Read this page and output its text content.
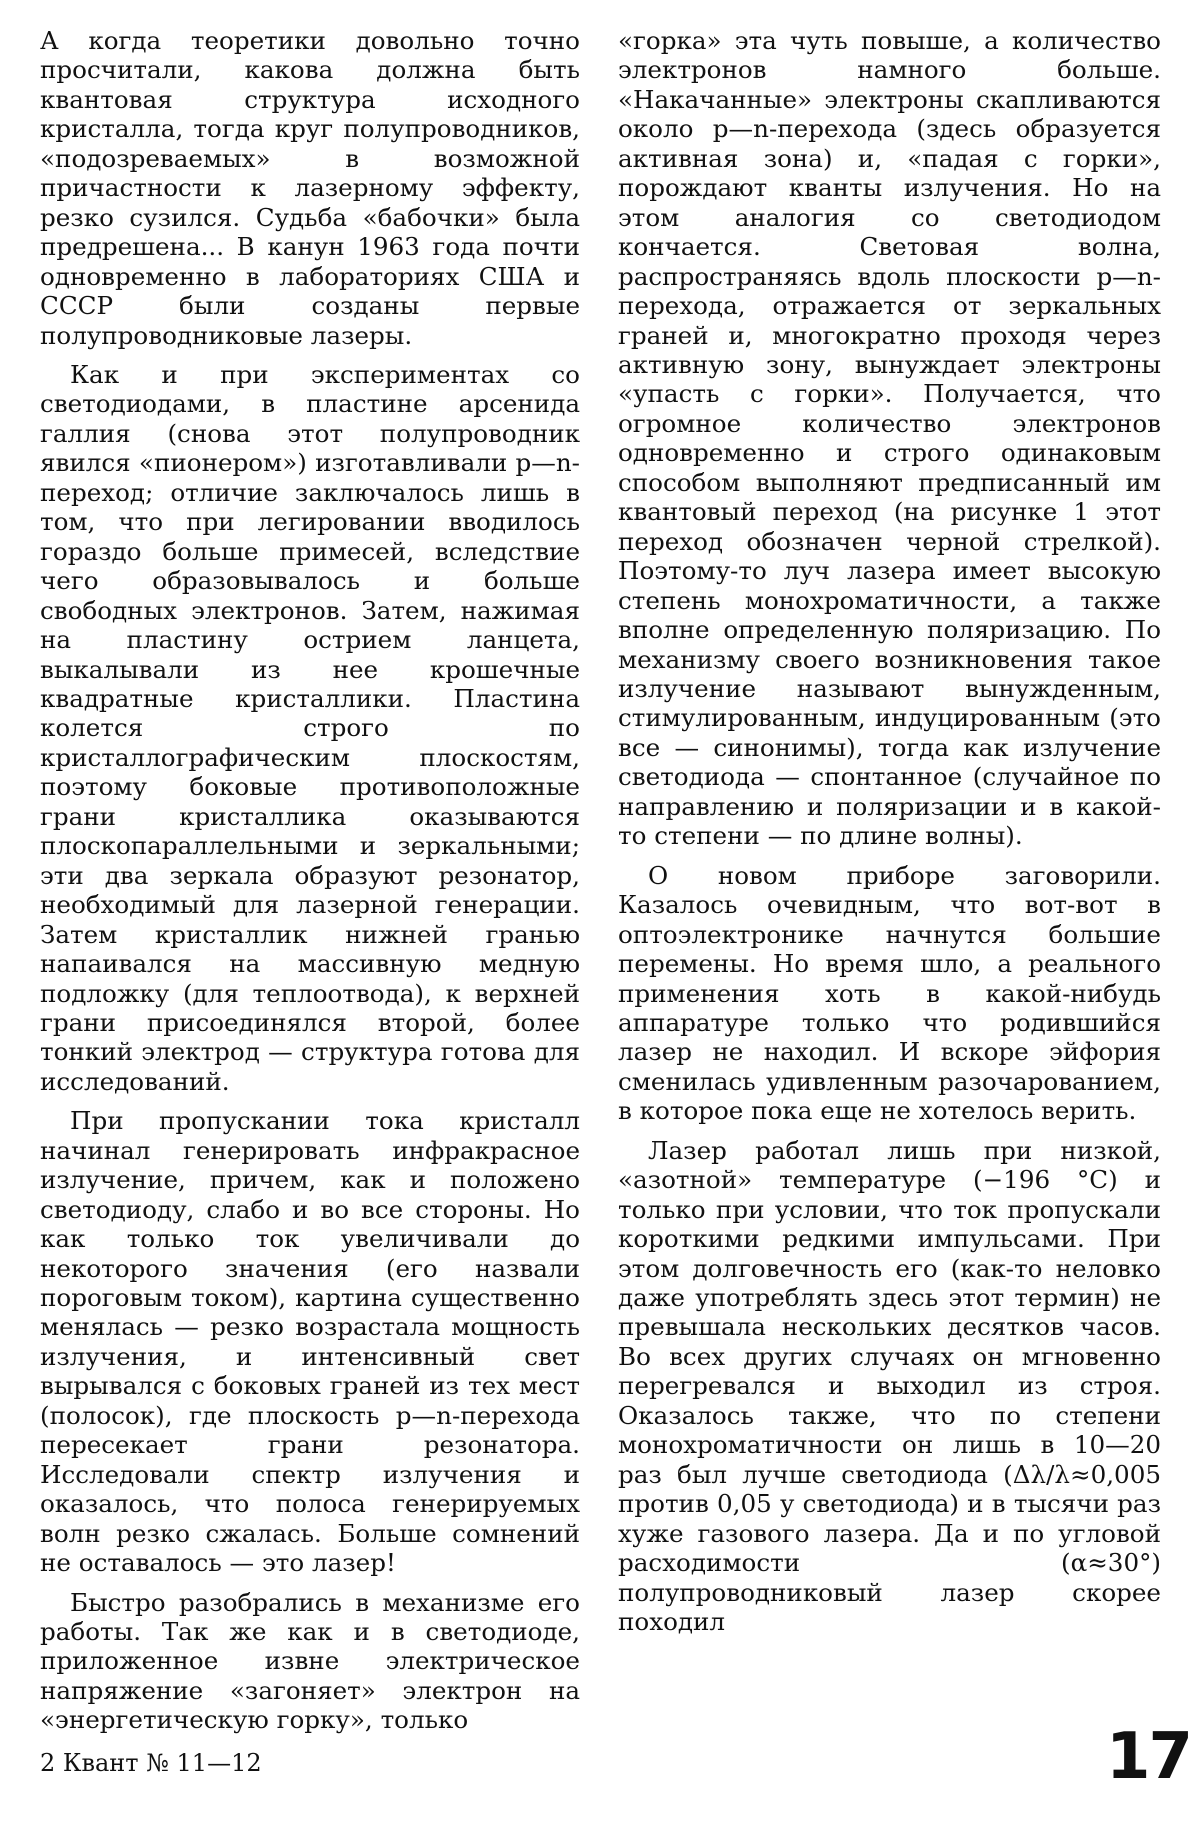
А когда теоретики довольно точно просчитали, какова должна быть квантовая структура исходного кристалла, тогда круг полупроводников, «подозреваемых» в возможной причастности к лазерному эффекту, резко сузился. Судьба «бабочки» была предрешена... В канун 1963 года почти одновременно в лабораториях США и СССР были созданы первые полупроводниковые лазеры.

Как и при экспериментах со светодиодами, в пластине арсенида галлия (снова этот полупроводник явился «пионером») изготавливали p—n-переход; отличие заключалось лишь в том, что при легировании вводилось гораздо больше примесей, вследствие чего образовывалось и больше свободных электронов. Затем, нажимая на пластину острием ланцета, выкалывали из нее крошечные квадратные кристаллики. Пластина колется строго по кристаллографическим плоскостям, поэтому боковые противоположные грани кристаллика оказываются плоскопараллельными и зеркальными; эти два зеркала образуют резонатор, необходимый для лазерной генерации. Затем кристаллик нижней гранью напаивался на массивную медную подложку (для теплоотвода), к верхней грани присоединялся второй, более тонкий электрод — структура готова для исследований.

При пропускании тока кристалл начинал генерировать инфракрасное излучение, причем, как и положено светодиоду, слабо и во все стороны. Но как только ток увеличивали до некоторого значения (его назвали пороговым током), картина существенно менялась — резко возрастала мощность излучения, и интенсивный свет вырывался с боковых граней из тех мест (полосок), где плоскость p—n-перехода пересекает грани резонатора. Исследовали спектр излучения и оказалось, что полоса генерируемых волн резко сжалась. Больше сомнений не оставалось — это лазер!

Быстро разобрались в механизме его работы. Так же как и в светодиоде, приложенное извне электрическое напряжение «загоняет» электрон на «энергетическую горку», только

«горка» эта чуть повыше, а количество электронов намного больше. «Накачанные» электроны скапливаются около p—n-перехода (здесь образуется активная зона) и, «падая с горки», порождают кванты излучения. Но на этом аналогия со светодиодом кончается. Световая волна, распространяясь вдоль плоскости p—n-перехода, отражается от зеркальных граней и, многократно проходя через активную зону, вынуждает электроны «упасть с горки». Получается, что огромное количество электронов одновременно и строго одинаковым способом выполняют предписанный им квантовый переход (на рисунке 1 этот переход обозначен черной стрелкой). Поэтому-то луч лазера имеет высокую степень монохроматичности, а также вполне определенную поляризацию. По механизму своего возникновения такое излучение называют вынужденным, стимулированным, индуцированным (это все — синонимы), тогда как излучение светодиода — спонтанное (случайное по направлению и поляризации и в какой-то степени — по длине волны).

О новом приборе заговорили. Казалось очевидным, что вот-вот в оптоэлектронике начнутся большие перемены. Но время шло, а реального применения хоть в какой-нибудь аппаратуре только что родившийся лазер не находил. И вскоре эйфория сменилась удивленным разочарованием, в которое пока еще не хотелось верить.

Лазер работал лишь при низкой, «азотной» температуре (−196 °С) и только при условии, что ток пропускали короткими редкими импульсами. При этом долговечность его (как-то неловко даже употреблять здесь этот термин) не превышала нескольких десятков часов. Во всех других случаях он мгновенно перегревался и выходил из строя. Оказалось также, что по степени монохроматичности он лишь в 10—20 раз был лучше светодиода (Δλ/λ≈0,005 против 0,05 у светодиода) и в тысячи раз хуже газового лазера. Да и по угловой расходимости (α≈30°) полупроводниковый лазер скорее походил

2 Квант № 11—12	17
